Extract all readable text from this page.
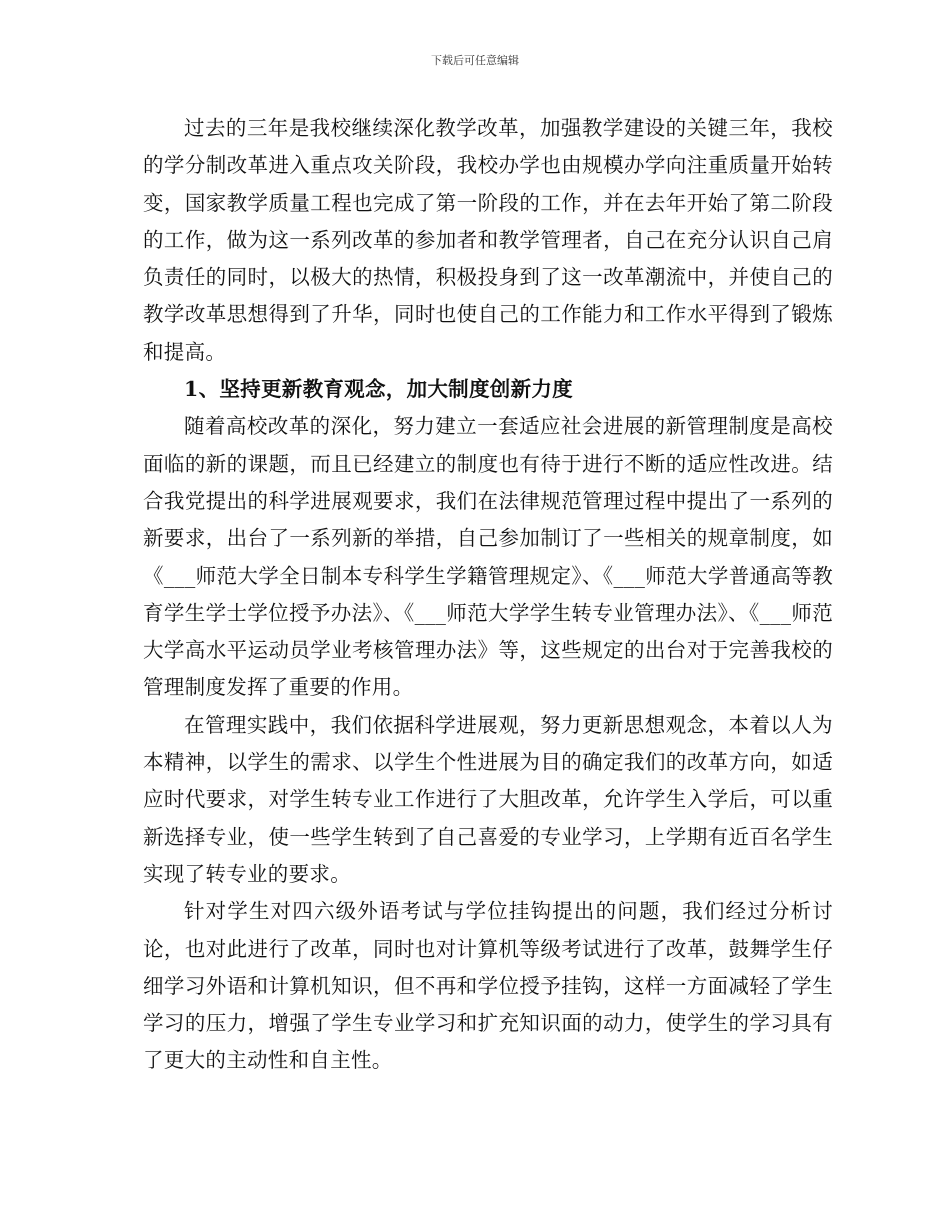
下载后可任意编辑

过去的三年是我校继续深化教学改革，加强教学建设的关键三年，我校的学分制改革进入重点攻关阶段，我校办学也由规模办学向注重质量开始转变，国家教学质量工程也完成了第一阶段的工作，并在去年开始了第二阶段的工作，做为这一系列改革的参加者和教学管理者，自己在充分认识自己肩负责任的同时，以极大的热情，积极投身到了这一改革潮流中，并使自己的教学改革思想得到了升华，同时也使自己的工作能力和工作水平得到了锻炼和提高。

1、坚持更新教育观念，加大制度创新力度

随着高校改革的深化，努力建立一套适应社会进展的新管理制度是高校面临的新的课题，而且已经建立的制度也有待于进行不断的适应性改进。结合我党提出的科学进展观要求，我们在法律规范管理过程中提出了一系列的新要求，出台了一系列新的举措，自己参加制订了一些相关的规章制度，如《___师范大学全日制本专科学生学籍管理规定》、《___师范大学普通高等教育学生学士学位授予办法》、《___师范大学学生转专业管理办法》、《___师范大学高水平运动员学业考核管理办法》等，这些规定的出台对于完善我校的管理制度发挥了重要的作用。

在管理实践中，我们依据科学进展观，努力更新思想观念，本着以人为本精神，以学生的需求、以学生个性进展为目的确定我们的改革方向，如适应时代要求，对学生转专业工作进行了大胆改革，允许学生入学后，可以重新选择专业，使一些学生转到了自己喜爱的专业学习，上学期有近百名学生实现了转专业的要求。

针对学生对四六级外语考试与学位挂钩提出的问题，我们经过分析讨论，也对此进行了改革，同时也对计算机等级考试进行了改革，鼓舞学生仔细学习外语和计算机知识，但不再和学位授予挂钩，这样一方面减轻了学生学习的压力，增强了学生专业学习和扩充知识面的动力，使学生的学习具有了更大的主动性和自主性。
